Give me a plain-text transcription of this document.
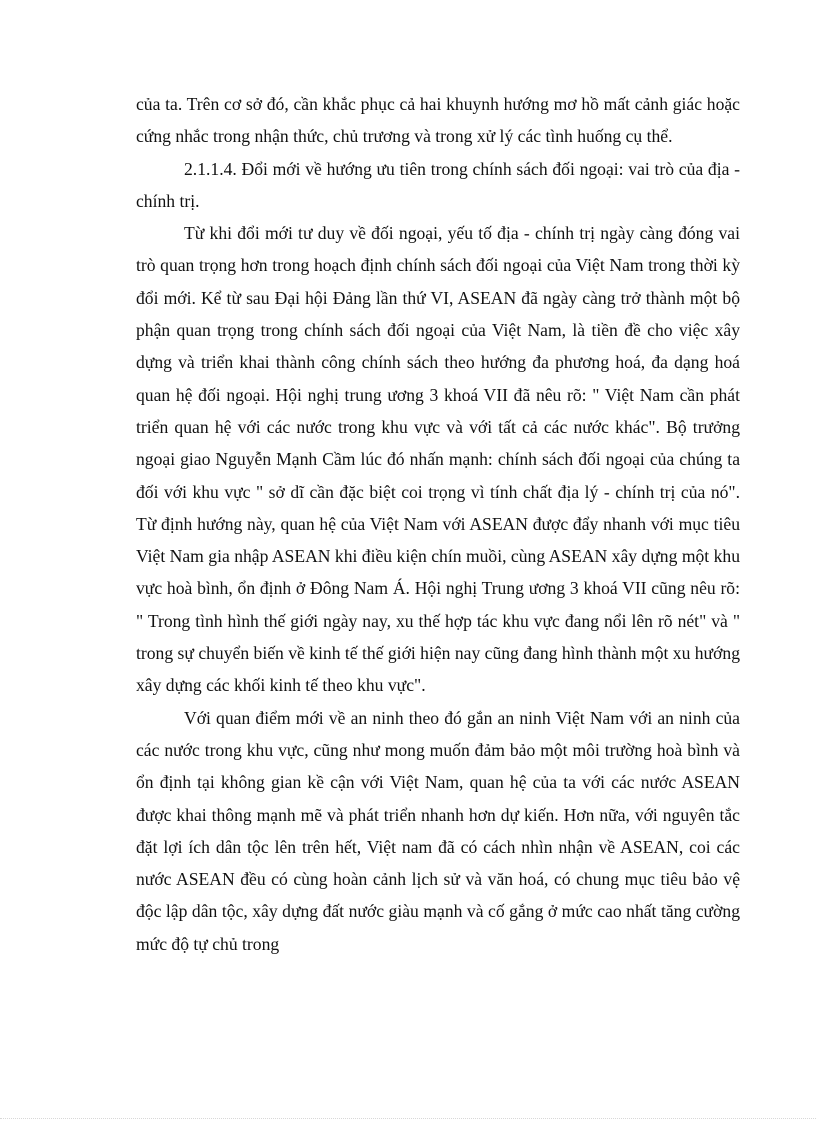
của ta. Trên cơ sở đó, cần khắc phục cả hai khuynh hướng mơ hồ mất cảnh giác hoặc cứng nhắc trong nhận thức, chủ trương và trong xử lý các tình huống cụ thể.

2.1.1.4. Đổi mới về hướng ưu tiên trong chính sách đối ngoại: vai trò của địa - chính trị.

Từ khi đổi mới tư duy về đối ngoại, yếu tố địa - chính trị ngày càng đóng vai trò quan trọng hơn trong hoạch định chính sách đối ngoại của Việt Nam trong thời kỳ đổi mới. Kể từ sau Đại hội Đảng lần thứ VI, ASEAN đã ngày càng trở thành một bộ phận quan trọng trong chính sách đối ngoại của Việt Nam, là tiền đề cho việc xây dựng và triển khai thành công chính sách theo hướng đa phương hoá, đa dạng hoá quan hệ đối ngoại. Hội nghị trung ương 3 khoá VII đã nêu rõ: " Việt Nam cần phát triển quan hệ với các nước trong khu vực và với tất cả các nước khác". Bộ trưởng ngoại giao Nguyễn Mạnh Cầm lúc đó nhấn mạnh: chính sách đối ngoại của chúng ta đối với khu vực " sở dĩ cần đặc biệt coi trọng vì tính chất địa lý - chính trị của nó". Từ định hướng này, quan hệ của Việt Nam với ASEAN được đẩy nhanh với mục tiêu Việt Nam gia nhập ASEAN khi điều kiện chín muồi, cùng ASEAN xây dựng một khu vực hoà bình, ổn định ở Đông Nam Á. Hội nghị Trung ương 3 khoá VII cũng nêu rõ: " Trong tình hình thế giới ngày nay, xu thế hợp tác khu vực đang nổi lên rõ nét" và " trong sự chuyển biến về kinh tế thế giới hiện nay cũng đang hình thành một xu hướng xây dựng các khối kinh tế theo khu vực".

Với quan điểm mới về an ninh theo đó gắn an ninh Việt Nam với an ninh của các nước trong khu vực, cũng như mong muốn đảm bảo một môi trường hoà bình và ổn định tại không gian kề cận với Việt Nam, quan hệ của ta với các nước ASEAN được khai thông mạnh mẽ và phát triển nhanh hơn dự kiến. Hơn nữa, với nguyên tắc đặt lợi ích dân tộc lên trên hết, Việt nam đã có cách nhìn nhận về ASEAN, coi các nước ASEAN đều có cùng hoàn cảnh lịch sử và văn hoá, có chung mục tiêu bảo vệ độc lập dân tộc, xây dựng đất nước giàu mạnh và cố gắng ở mức cao nhất tăng cường mức độ tự chủ trong
